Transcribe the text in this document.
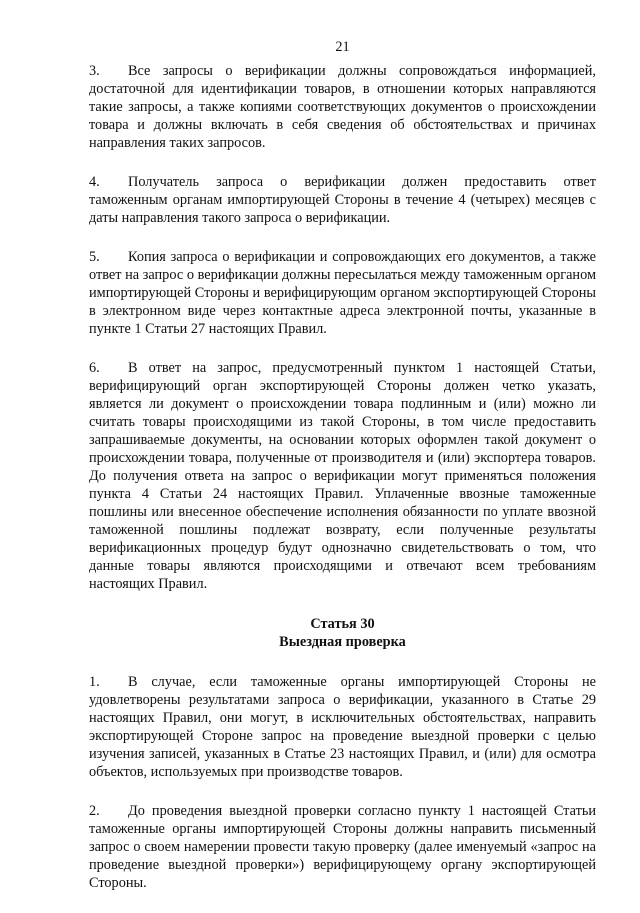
21
3. Все запросы о верификации должны сопровождаться информацией, достаточной для идентификации товаров, в отношении которых направляются такие запросы, а также копиями соответствующих документов о происхождении товара и должны включать в себя сведения об обстоятельствах и причинах направления таких запросов.
4. Получатель запроса о верификации должен предоставить ответ таможенным органам импортирующей Стороны в течение 4 (четырех) месяцев с даты направления такого запроса о верификации.
5. Копия запроса о верификации и сопровождающих его документов, а также ответ на запрос о верификации должны пересылаться между таможенным органом импортирующей Стороны и верифицирующим органом экспортирующей Стороны в электронном виде через контактные адреса электронной почты, указанные в пункте 1 Статьи 27 настоящих Правил.
6. В ответ на запрос, предусмотренный пунктом 1 настоящей Статьи, верифицирующий орган экспортирующей Стороны должен четко указать, является ли документ о происхождении товара подлинным и (или) можно ли считать товары происходящими из такой Стороны, в том числе предоставить запрашиваемые документы, на основании которых оформлен такой документ о происхождении товара, полученные от производителя и (или) экспортера товаров. До получения ответа на запрос о верификации могут применяться положения пункта 4 Статьи 24 настоящих Правил. Уплаченные ввозные таможенные пошлины или внесенное обеспечение исполнения обязанности по уплате ввозной таможенной пошлины подлежат возврату, если полученные результаты верификационных процедур будут однозначно свидетельствовать о том, что данные товары являются происходящими и отвечают всем требованиям настоящих Правил.
Статья 30
Выездная проверка
1. В случае, если таможенные органы импортирующей Стороны не удовлетворены результатами запроса о верификации, указанного в Статье 29 настоящих Правил, они могут, в исключительных обстоятельствах, направить экспортирующей Стороне запрос на проведение выездной проверки с целью изучения записей, указанных в Статье 23 настоящих Правил, и (или) для осмотра объектов, используемых при производстве товаров.
2. До проведения выездной проверки согласно пункту 1 настоящей Статьи таможенные органы импортирующей Стороны должны направить письменный запрос о своем намерении провести такую проверку (далее именуемый «запрос на проведение выездной проверки») верифицирующему органу экспортирующей Стороны.
